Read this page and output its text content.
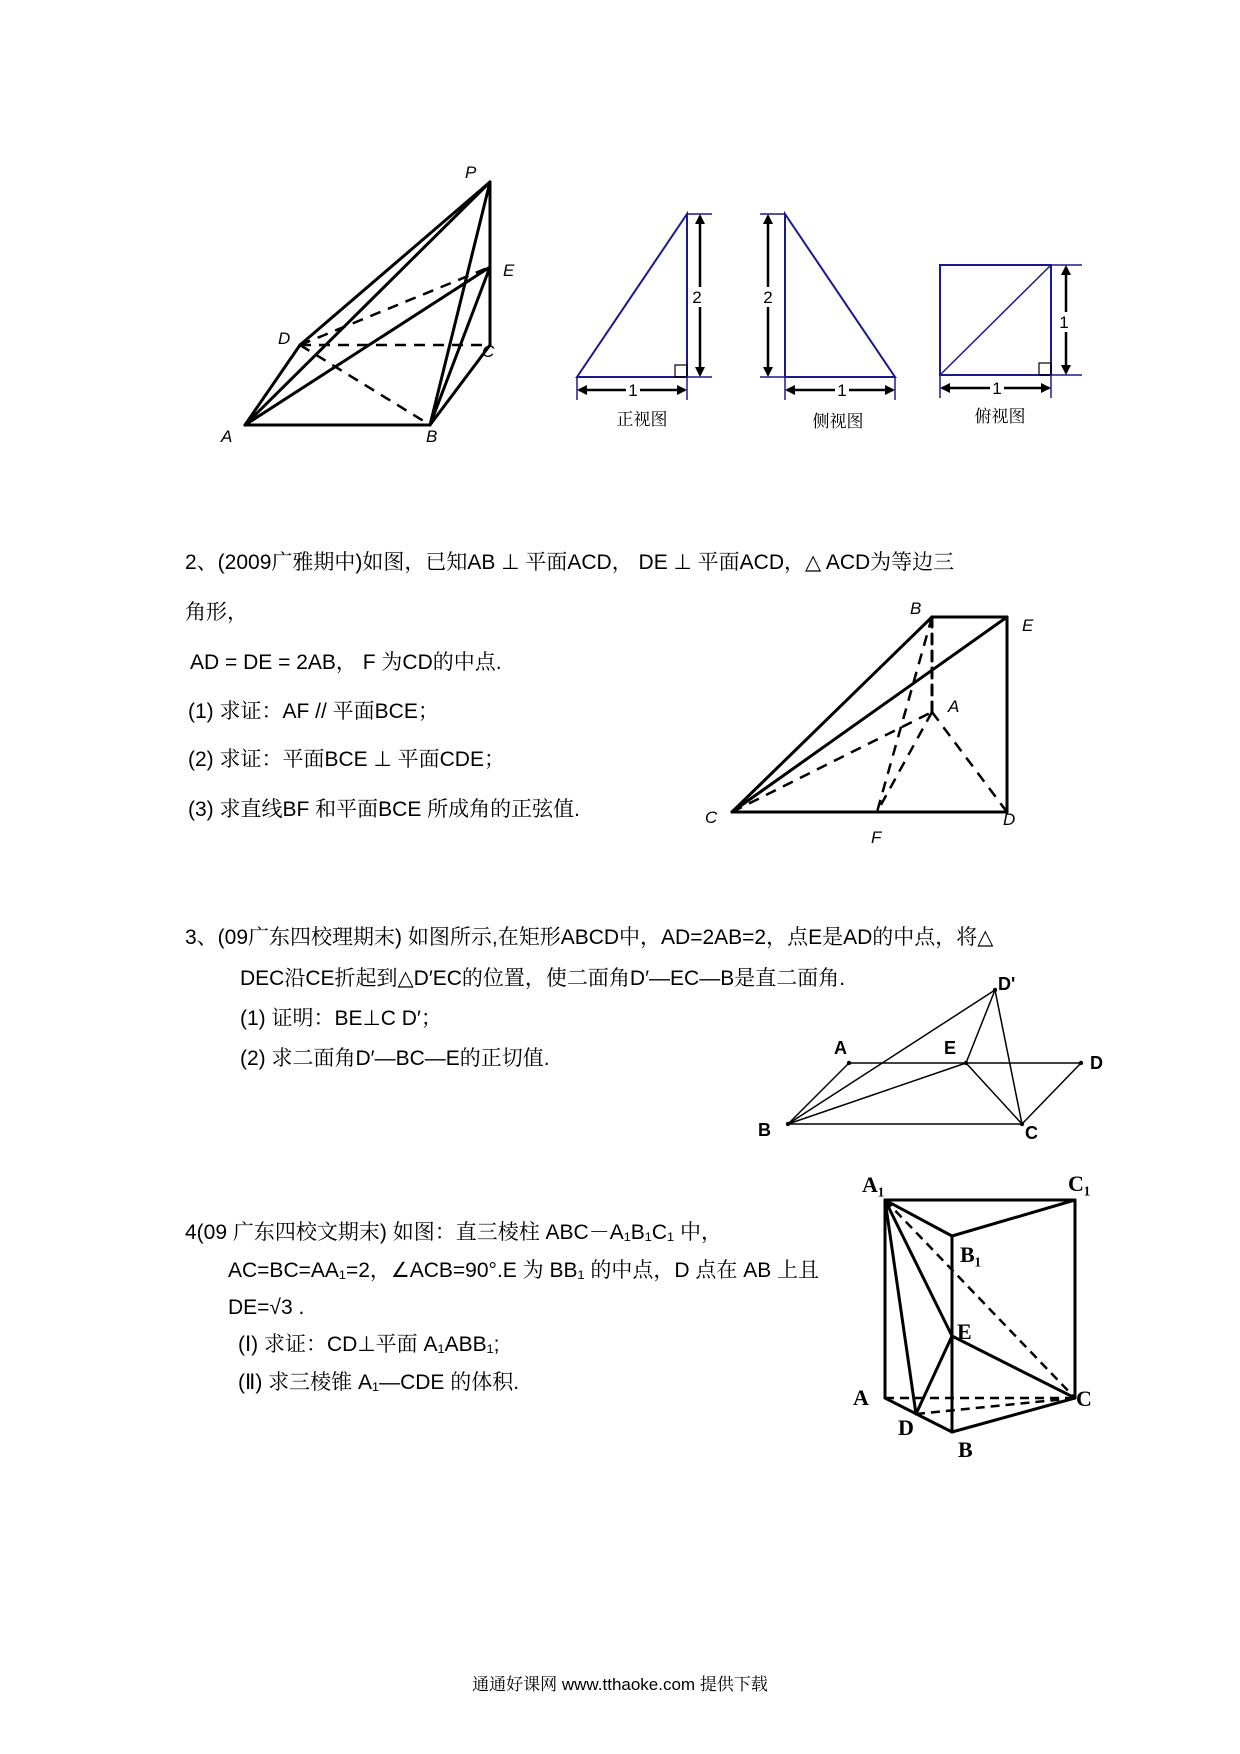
P
E
D
C
A	B
2
1
正视图
2
1
侧视图
1
1
俯视图
2、(2009广雅期中)如图，已知AB ⊥ 平面ACD， DE ⊥ 平面ACD，△ ACD为等边三
角形，
AD = DE = 2AB， F 为CD的中点.
(1) 求证：AF // 平面BCE；
(2) 求证：平面BCE ⊥ 平面CDE；
(3) 求直线BF 和平面BCE 所成角的正弦值.
B
E
A
C
F
D
3、(09广东四校理期末) 如图所示,在矩形ABCD中，AD=2AB=2，点E是AD的中点，将△
DEC沿CE折起到△D′EC的位置，使二面角D′—EC—B是直二面角.
(1) 证明：BE⊥C D′；
(2) 求二面角D′—BC—E的正切值.
D'
A	E
D
B	C
4(09 广东四校文期末) 如图：直三棱柱 ABC－A₁B₁C₁ 中，
AC=BC=AA₁=2，∠ACB=90°.E 为 BB₁ 的中点，D 点在 AB 上且
DE=√3 .
(Ⅰ) 求证：CD⊥平面 A₁ABB₁;
(Ⅱ) 求三棱锥 A₁—CDE 的体积.
A₁	C₁
B₁
E
A	C
D
B
通通好课网 www.tthaoke.com 提供下载
